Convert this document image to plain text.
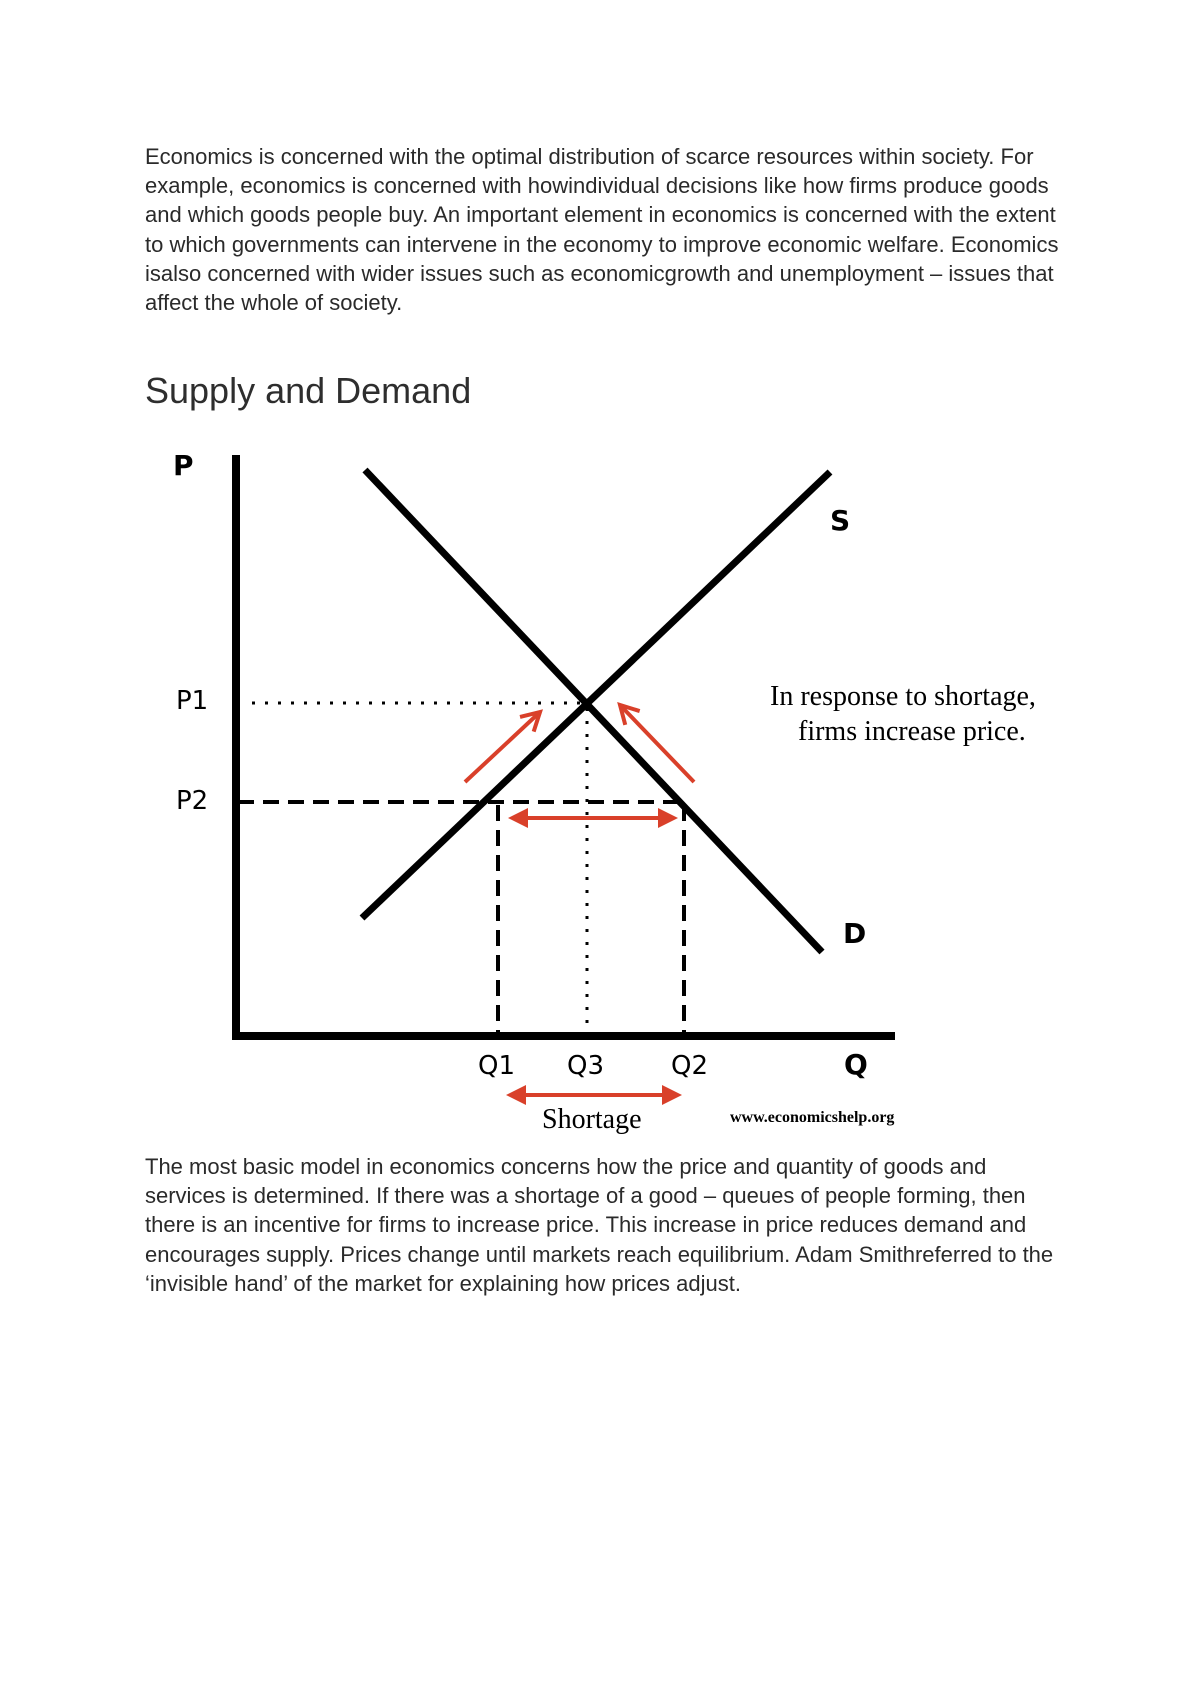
Economics is concerned with the optimal distribution of scarce resources within society. For example, economics is concerned with howindividual decisions like how firms produce goods and which goods people buy. An important element in economics is concerned with the extent to which governments can intervene in the economy to improve economic welfare. Economics isalso concerned with wider issues such as economicgrowth and unemployment – issues that affect the whole of society.

Supply and Demand
P
P1
P2
S
D
Q1 Q3	Q2	Q
In response to shortage,
firms increase price.
Shortage	www.economicshelp.org

The most basic model in economics concerns how the price and quantity of goods and services is determined. If there was a shortage of a good – queues of people forming, then there is an incentive for firms to increase price. This increase in price reduces demand and encourages supply. Prices change until markets reach equilibrium. Adam Smithreferred to the ‘invisible hand’ of the market for explaining how prices adjust.
